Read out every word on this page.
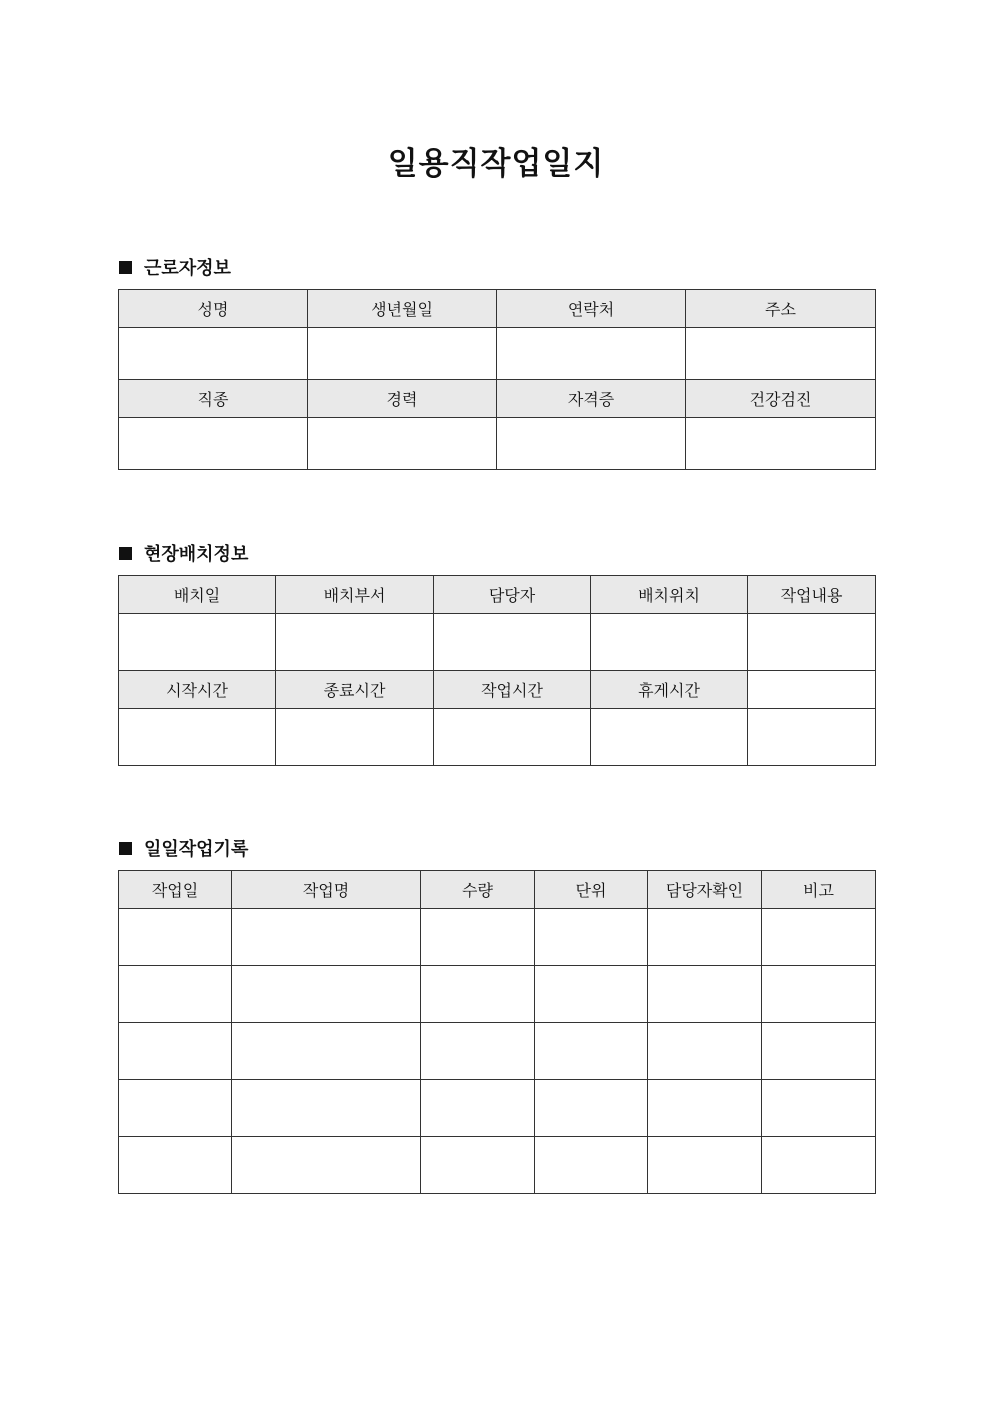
일용직작업일지
근로자정보
성명	생년월일	연락처	주소

직종	경력	자격증	건강검진

현장배치정보
배치일	배치부서	담당자	배치위치	작업내용

시작시간	종료시간	작업시간	휴게시간	

일일작업기록
작업일	작업명	수량	단위	담당자확인	비고
